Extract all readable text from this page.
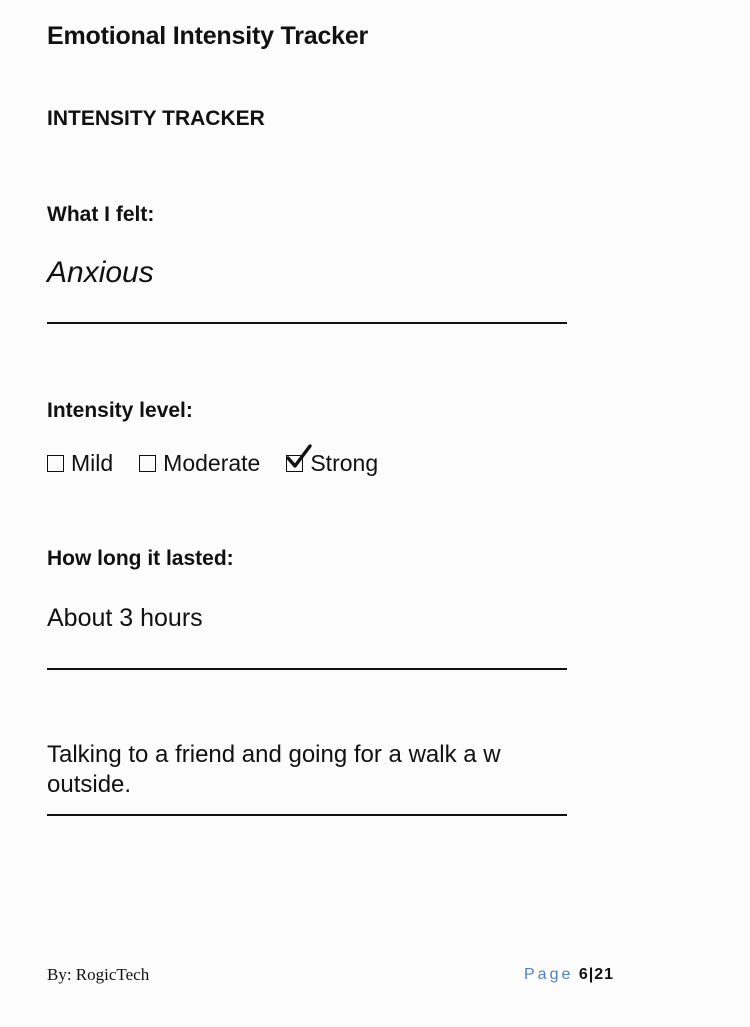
Emotional Intensity Tracker
INTENSITY TRACKER
What I felt:
Anxious
Intensity level:
Mild Moderate Strong
How long it lasted:
About 3 hours
Talking to a friend and going for a walk a w outside.
By: RogicTech	Page 6|21
